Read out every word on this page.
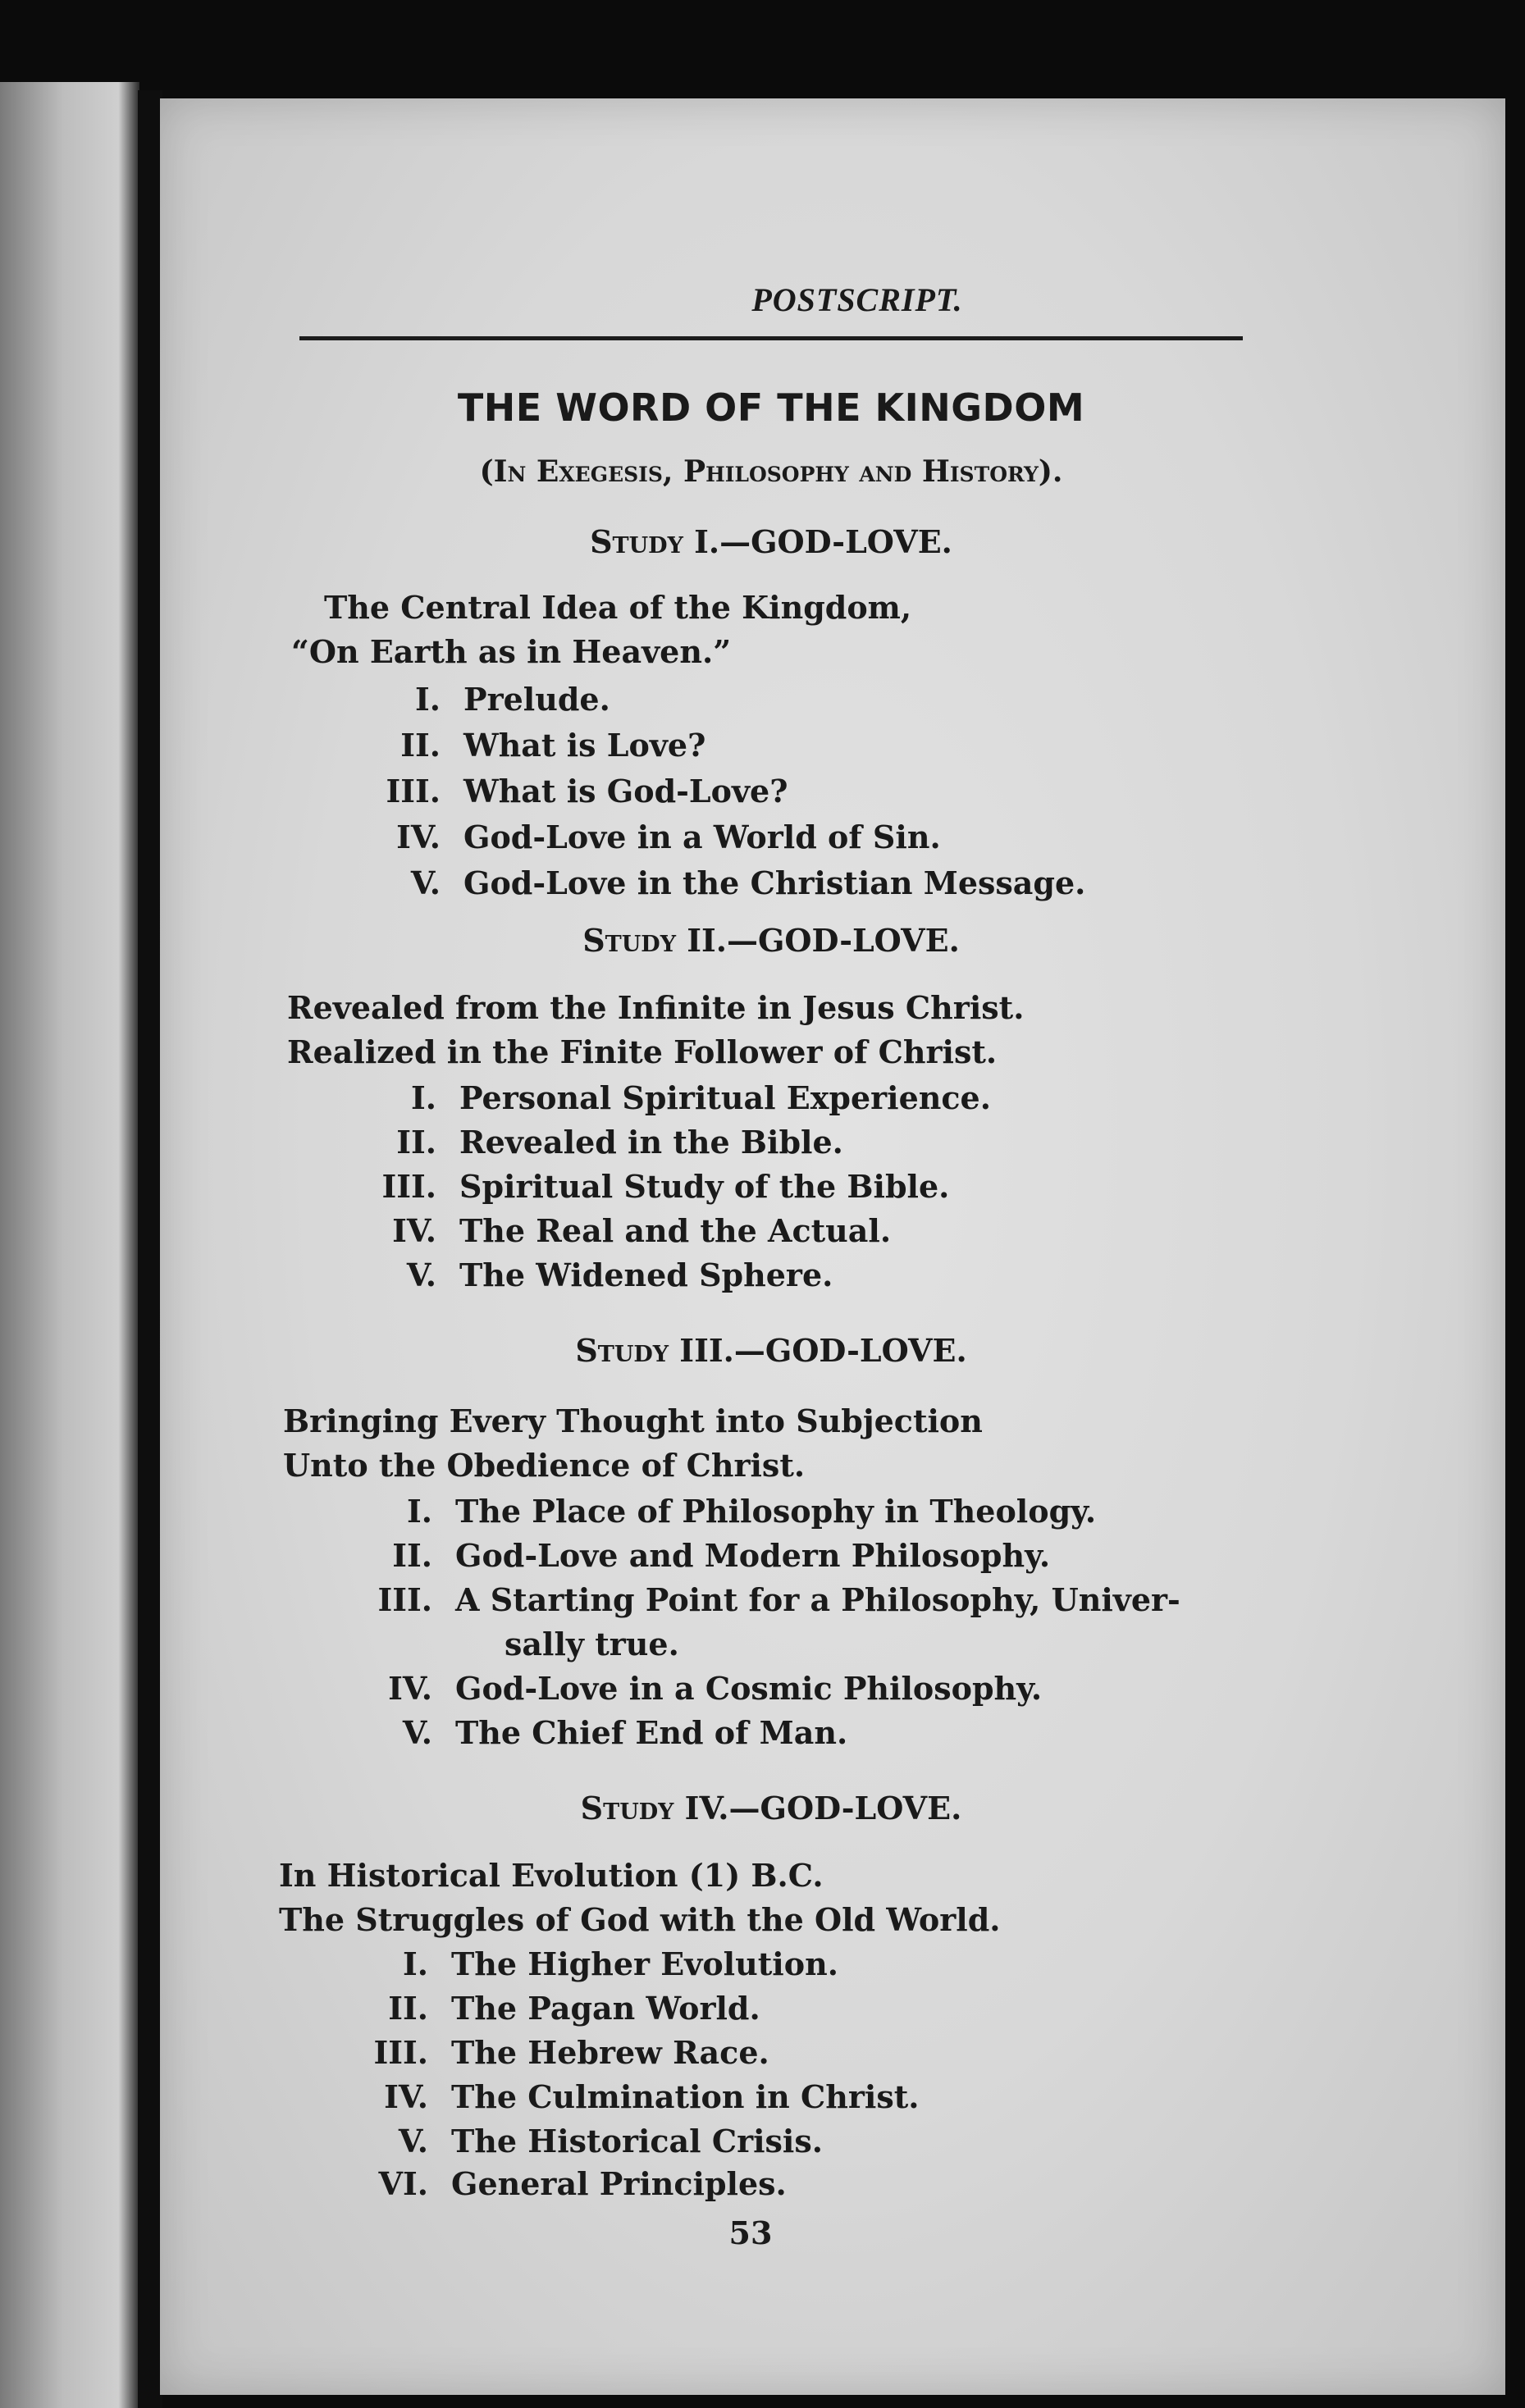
POSTSCRIPT.
THE WORD OF THE KINGDOM
(In Exegesis, Philosophy and History).
Study I.—GOD-LOVE.
The Central Idea of the Kingdom,
“On Earth as in Heaven.”
I. Prelude.
II. What is Love?
III. What is God-Love?
IV. God-Love in a World of Sin.
V. God-Love in the Christian Message.
Study II.—GOD-LOVE.
Revealed from the Infinite in Jesus Christ.
Realized in the Finite Follower of Christ.
I. Personal Spiritual Experience.
II. Revealed in the Bible.
III. Spiritual Study of the Bible.
IV. The Real and the Actual.
V. The Widened Sphere.
Study III.—GOD-LOVE.
Bringing Every Thought into Subjection
Unto the Obedience of Christ.
I. The Place of Philosophy in Theology.
II. God-Love and Modern Philosophy.
III. A Starting Point for a Philosophy, Univer-
sally true.
IV. God-Love in a Cosmic Philosophy.
V. The Chief End of Man.
Study IV.—GOD-LOVE.
In Historical Evolution (1) B.C.
The Struggles of God with the Old World.
I. The Higher Evolution.
II. The Pagan World.
III. The Hebrew Race.
IV. The Culmination in Christ.
V. The Historical Crisis.
VI. General Principles.
53
